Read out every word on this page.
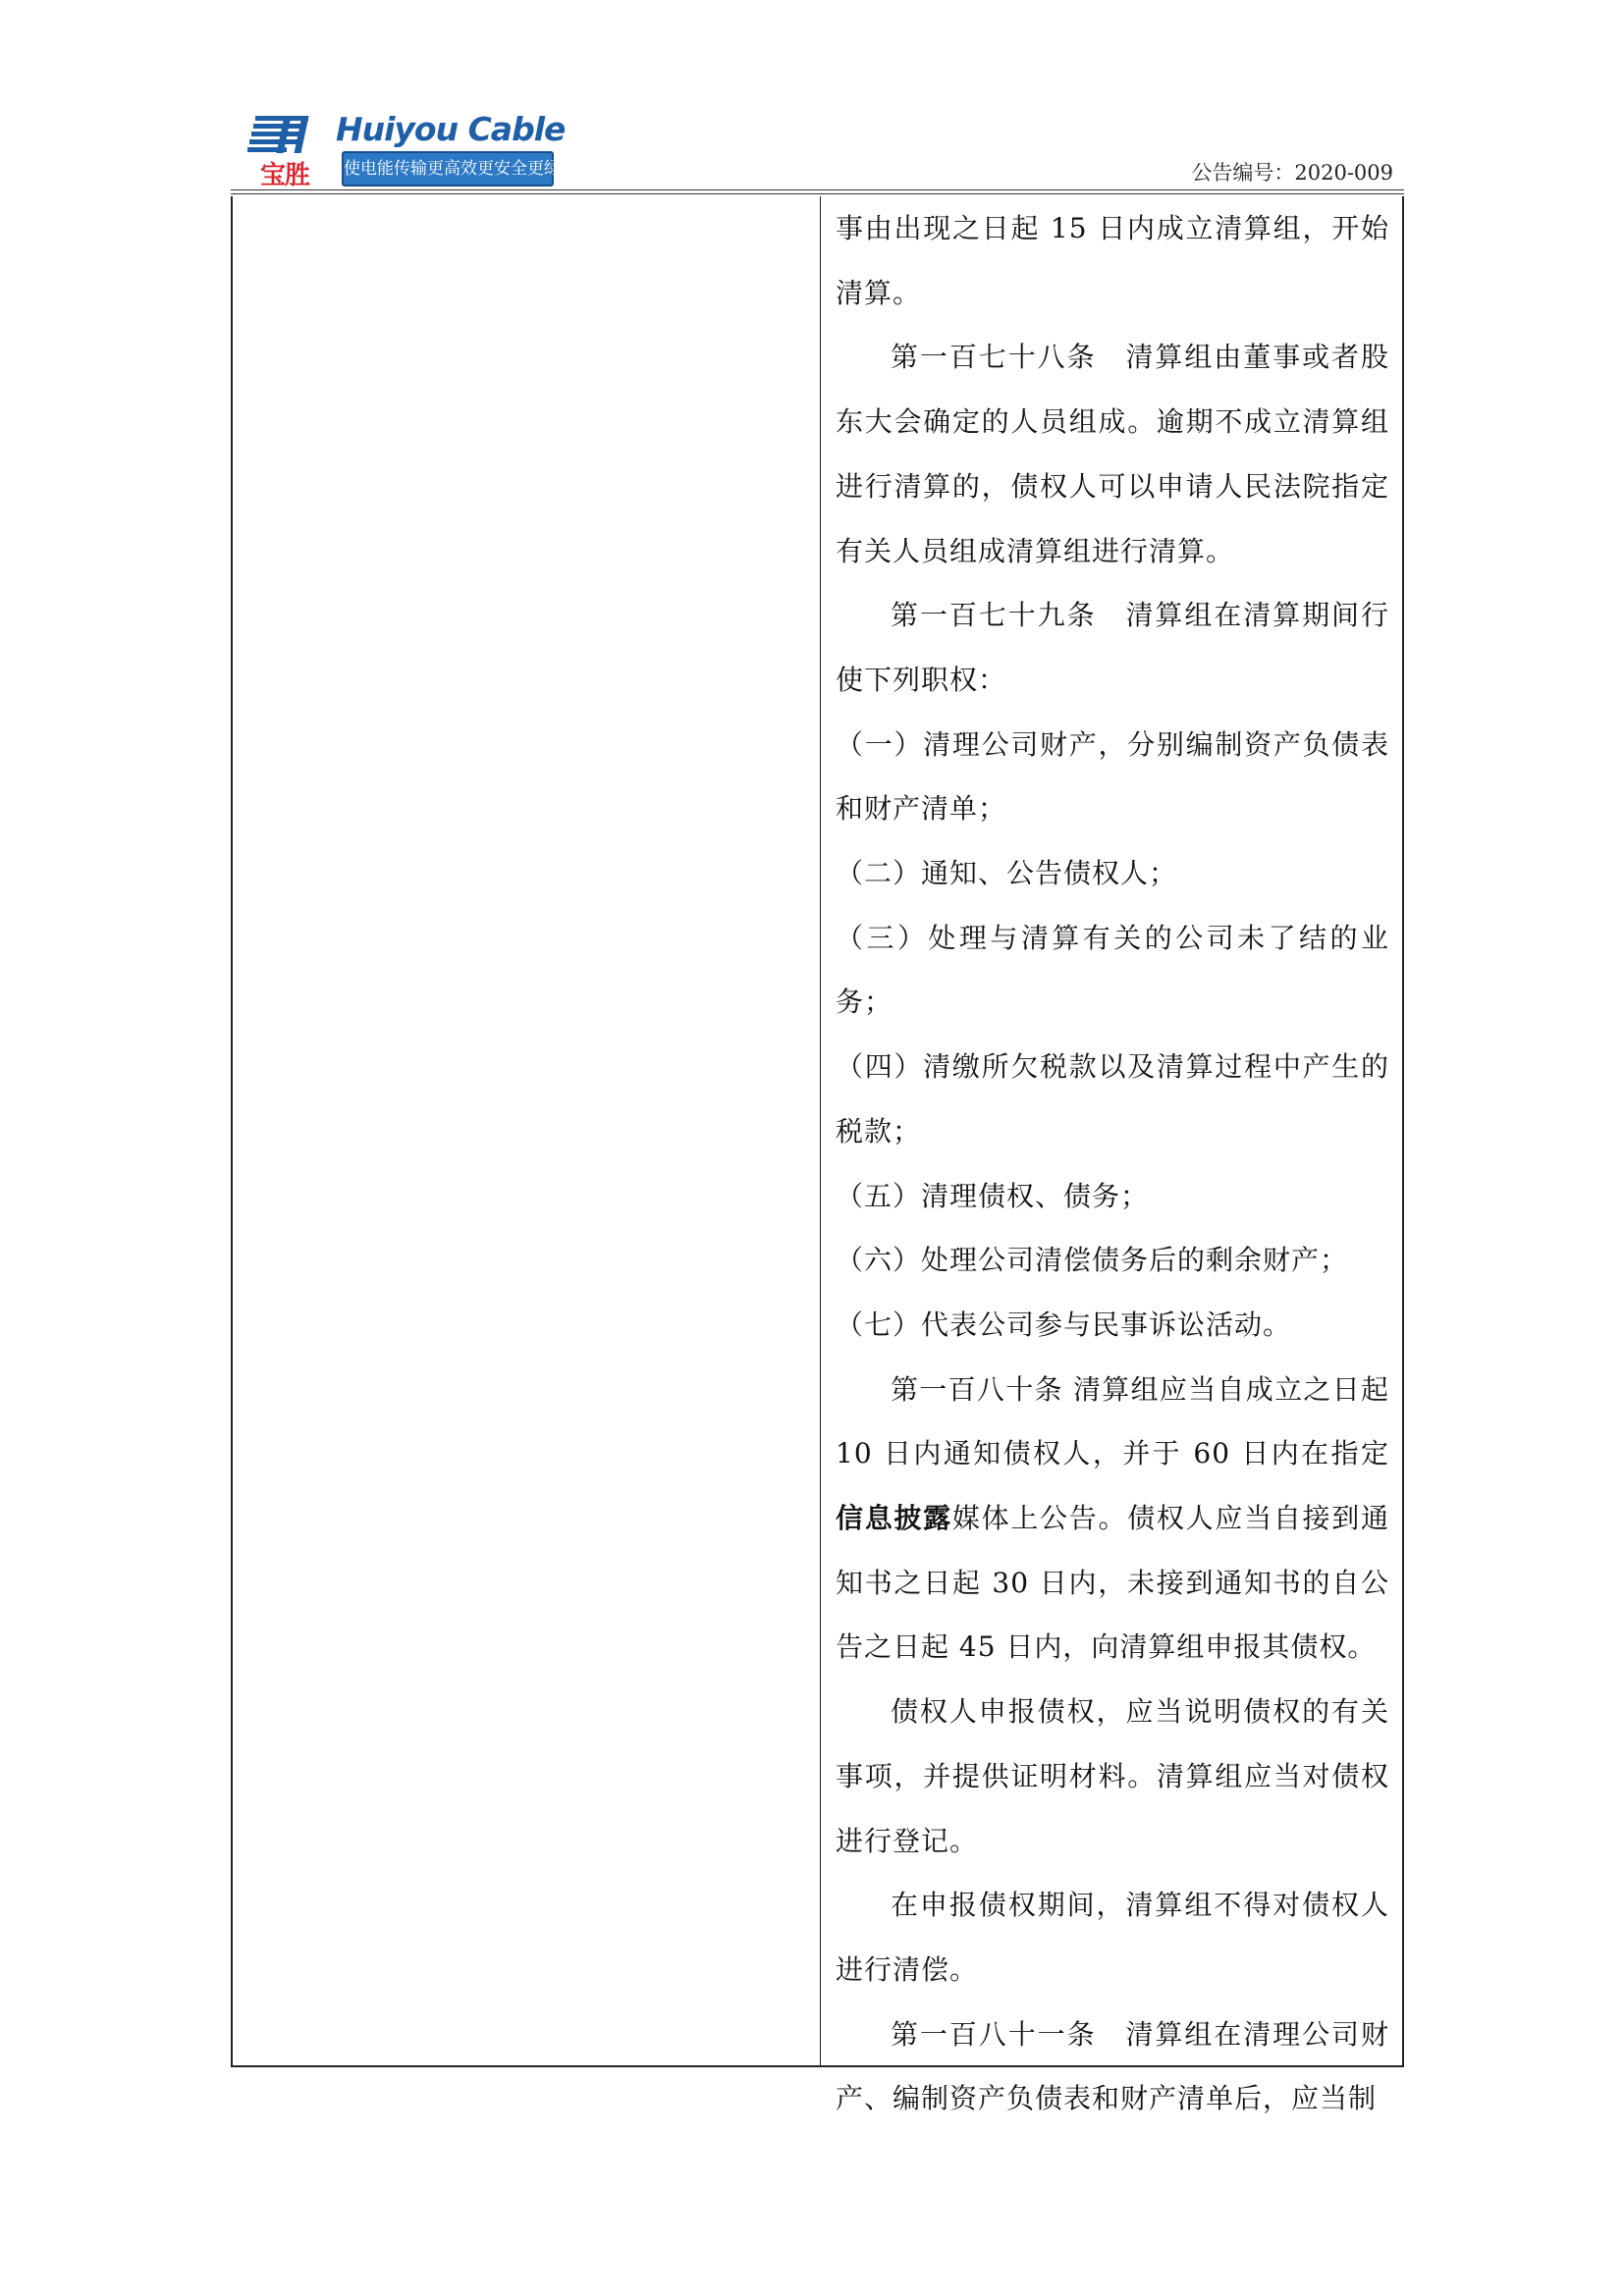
宝胜
Huiyou Cable
使电能传输更高效更安全更绿色	公告编号：2020-009

事由出现之日起 15 日内成立清算组，开始清算。

第一百七十八条　清算组由董事或者股东大会确定的人员组成。逾期不成立清算组进行清算的，债权人可以申请人民法院指定有关人员组成清算组进行清算。

第一百七十九条　清算组在清算期间行使下列职权：

（一）清理公司财产，分别编制资产负债表和财产清单；

（二）通知、公告债权人；

（三）处理与清算有关的公司未了结的业务；

（四）清缴所欠税款以及清算过程中产生的税款；

（五）清理债权、债务；

（六）处理公司清偿债务后的剩余财产；

（七）代表公司参与民事诉讼活动。

第一百八十条 清算组应当自成立之日起 10 日内通知债权人，并于 60 日内在指定信息披露媒体上公告。债权人应当自接到通知书之日起 30 日内，未接到通知书的自公告之日起 45 日内，向清算组申报其债权。

债权人申报债权，应当说明债权的有关事项，并提供证明材料。清算组应当对债权进行登记。

在申报债权期间，清算组不得对债权人进行清偿。

第一百八十一条　清算组在清理公司财产、编制资产负债表和财产清单后，应当制
